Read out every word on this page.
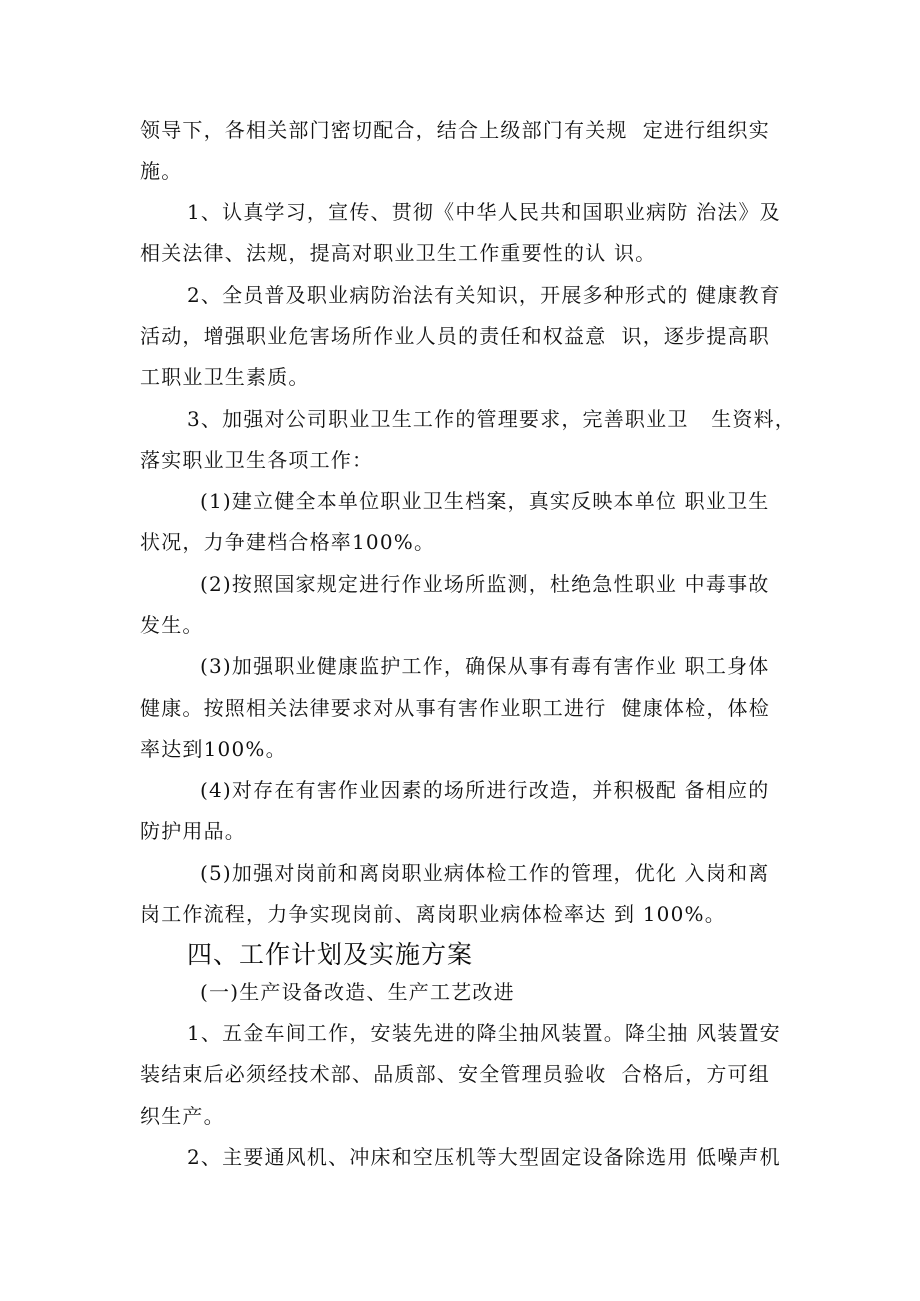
领导下，各相关部门密切配合，结合上级部门有关规  定进行组织实
施。
1、认真学习，宣传、贯彻《中华人民共和国职业病防 治法》及
相关法律、法规，提高对职业卫生工作重要性的认 识。
2、全员普及职业病防治法有关知识，开展多种形式的 健康教育
活动，增强职业危害场所作业人员的责任和权益意  识，逐步提高职
工职业卫生素质。
3、加强对公司职业卫生工作的管理要求，完善职业卫   生资料，
落实职业卫生各项工作：
(1)建立健全本单位职业卫生档案，真实反映本单位 职业卫生
状况，力争建档合格率100%。
(2)按照国家规定进行作业场所监测，杜绝急性职业 中毒事故
发生。
(3)加强职业健康监护工作，确保从事有毒有害作业 职工身体
健康。按照相关法律要求对从事有害作业职工进行  健康体检，体检
率达到100%。
(4)对存在有害作业因素的场所进行改造，并积极配 备相应的
防护用品。
(5)加强对岗前和离岗职业病体检工作的管理，优化 入岗和离
岗工作流程，力争实现岗前、离岗职业病体检率达 到 100%。
四、工作计划及实施方案
(一)生产设备改造、生产工艺改进
1、五金车间工作，安装先进的降尘抽风装置。降尘抽 风装置安
装结束后必须经技术部、品质部、安全管理员验收  合格后，方可组
织生产。
2、主要通风机、冲床和空压机等大型固定设备除选用 低噪声机
